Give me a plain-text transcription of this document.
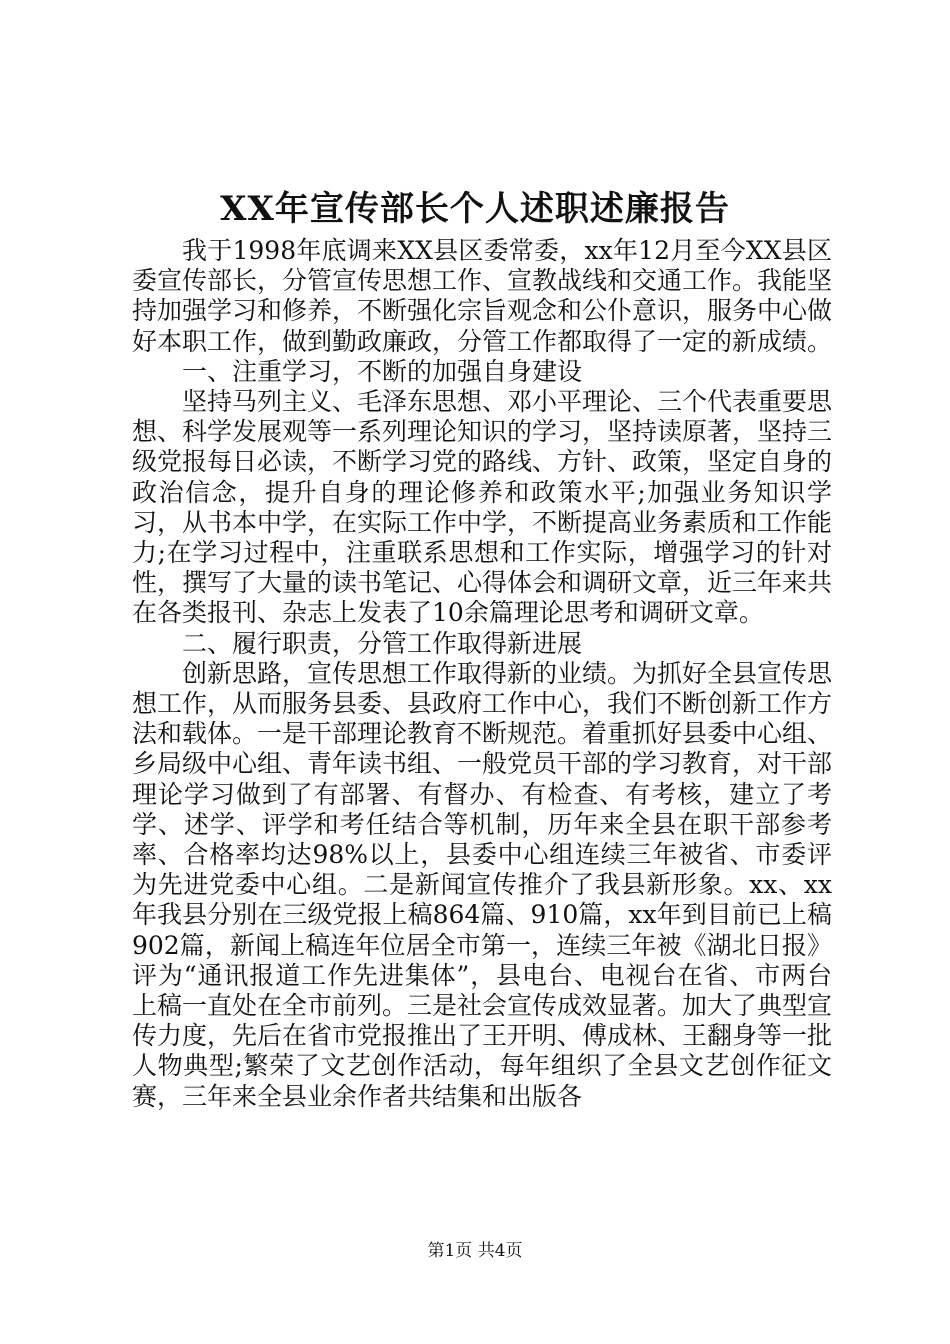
XX年宣传部长个人述职述廉报告

我于1998年底调来XX县区委常委，xx年12月至今XX县区委宣传部长，分管宣传思想工作、宣教战线和交通工作。我能坚持加强学习和修养，不断强化宗旨观念和公仆意识，服务中心做好本职工作，做到勤政廉政，分管工作都取得了一定的新成绩。

一、注重学习，不断的加强自身建设

坚持马列主义、毛泽东思想、邓小平理论、三个代表重要思想、科学发展观等一系列理论知识的学习，坚持读原著，坚持三级党报每日必读，不断学习党的路线、方针、政策，坚定自身的政治信念，提升自身的理论修养和政策水平;加强业务知识学习，从书本中学，在实际工作中学，不断提高业务素质和工作能力;在学习过程中，注重联系思想和工作实际，增强学习的针对性，撰写了大量的读书笔记、心得体会和调研文章，近三年来共在各类报刊、杂志上发表了10余篇理论思考和调研文章。

二、履行职责，分管工作取得新进展

创新思路，宣传思想工作取得新的业绩。为抓好全县宣传思想工作，从而服务县委、县政府工作中心，我们不断创新工作方法和载体。一是干部理论教育不断规范。着重抓好县委中心组、乡局级中心组、青年读书组、一般党员干部的学习教育，对干部理论学习做到了有部署、有督办、有检查、有考核，建立了考学、述学、评学和考任结合等机制，历年来全县在职干部参考率、合格率均达98%以上，县委中心组连续三年被省、市委评为先进党委中心组。二是新闻宣传推介了我县新形象。xx、xx年我县分别在三级党报上稿864篇、910篇，xx年到目前已上稿902篇，新闻上稿连年位居全市第一，连续三年被《湖北日报》评为“通讯报道工作先进集体”，县电台、电视台在省、市两台上稿一直处在全市前列。三是社会宣传成效显著。加大了典型宣传力度，先后在省市党报推出了王开明、傅成林、王翻身等一批人物典型;繁荣了文艺创作活动，每年组织了全县文艺创作征文赛，三年来全县业余作者共结集和出版各

第1页 共4页
